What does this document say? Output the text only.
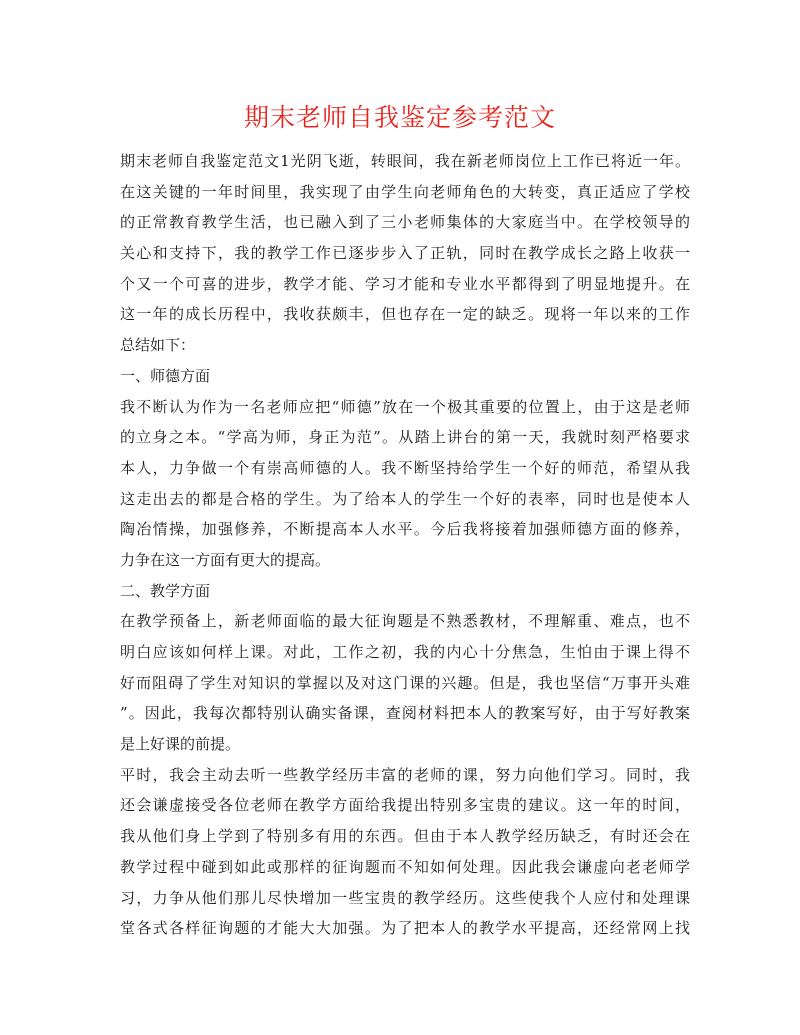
期末老师自我鉴定参考范文

期末老师自我鉴定范文1光阴飞逝，转眼间，我在新老师岗位上工作已将近一年。

在这关键的一年时间里，我实现了由学生向老师角色的大转变，真正适应了学校

的正常教育教学生活，也已融入到了三小老师集体的大家庭当中。在学校领导的

关心和支持下，我的教学工作已逐步步入了正轨，同时在教学成长之路上收获一

个又一个可喜的进步，教学才能、学习才能和专业水平都得到了明显地提升。在

这一年的成长历程中，我收获颇丰，但也存在一定的缺乏。现将一年以来的工作

总结如下：

一、师德方面

我不断认为作为一名老师应把“师德”放在一个极其重要的位置上，由于这是老师

的立身之本。“学高为师，身正为范”。从踏上讲台的第一天，我就时刻严格要求

本人，力争做一个有崇高师德的人。我不断坚持给学生一个好的师范，希望从我

这走出去的都是合格的学生。为了给本人的学生一个好的表率，同时也是使本人

陶冶情操，加强修养，不断提高本人水平。今后我将接着加强师德方面的修养，

力争在这一方面有更大的提高。

二、教学方面

在教学预备上，新老师面临的最大征询题是不熟悉教材，不理解重、难点，也不

明白应该如何样上课。对此，工作之初，我的内心十分焦急，生怕由于课上得不

好而阻碍了学生对知识的掌握以及对这门课的兴趣。但是，我也坚信“万事开头难

”。因此，我每次都特别认确实备课，查阅材料把本人的教案写好，由于写好教案

是上好课的前提。

平时，我会主动去听一些教学经历丰富的老师的课，努力向他们学习。同时，我

还会谦虚接受各位老师在教学方面给我提出特别多宝贵的建议。这一年的时间，

我从他们身上学到了特别多有用的东西。但由于本人教学经历缺乏，有时还会在

教学过程中碰到如此或那样的征询题而不知如何处理。因此我会谦虚向老老师学

习，力争从他们那儿尽快增加一些宝贵的教学经历。这些使我个人应付和处理课

堂各式各样征询题的才能大大加强。为了把本人的教学水平提高，还经常网上找
